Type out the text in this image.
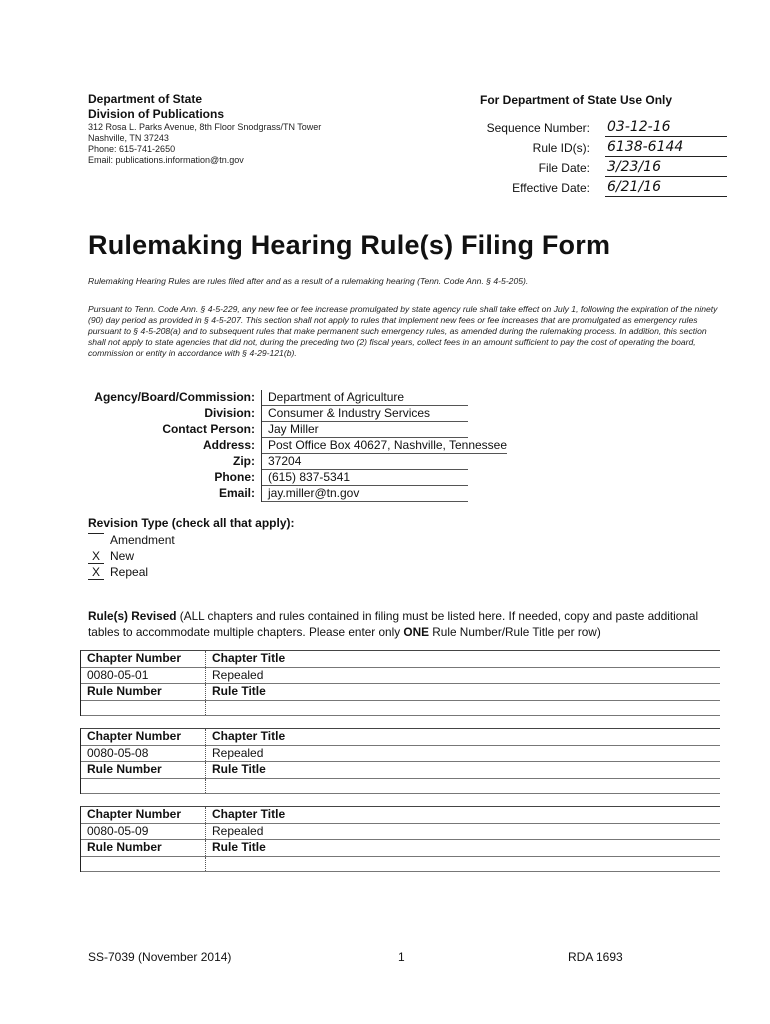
Department of State
Division of Publications
312 Rosa L. Parks Avenue, 8th Floor Snodgrass/TN Tower
Nashville, TN 37243
Phone: 615-741-2650
Email: publications.information@tn.gov
For Department of State Use Only
Sequence Number: 03-12-16
Rule ID(s): 6138-6144
File Date: 3/23/16
Effective Date: 6/21/16
Rulemaking Hearing Rule(s) Filing Form
Rulemaking Hearing Rules are rules filed after and as a result of a rulemaking hearing (Tenn. Code Ann. § 4-5-205).
Pursuant to Tenn. Code Ann. § 4-5-229, any new fee or fee increase promulgated by state agency rule shall take effect on July 1, following the expiration of the ninety (90) day period as provided in § 4-5-207. This section shall not apply to rules that implement new fees or fee increases that are promulgated as emergency rules pursuant to § 4-5-208(a) and to subsequent rules that make permanent such emergency rules, as amended during the rulemaking process. In addition, this section shall not apply to state agencies that did not, during the preceding two (2) fiscal years, collect fees in an amount sufficient to pay the cost of operating the board, commission or entity in accordance with § 4-29-121(b).
Agency/Board/Commission:	Department of Agriculture
Division:	Consumer & Industry Services
Contact Person:	Jay Miller
Address:	Post Office Box 40627, Nashville, Tennessee
Zip:	37204
Phone:	(615) 837-5341
Email:	jay.miller@tn.gov
Revision Type (check all that apply):
Amendment
X New
X Repeal
Rule(s) Revised (ALL chapters and rules contained in filing must be listed here. If needed, copy and paste additional tables to accommodate multiple chapters. Please enter only ONE Rule Number/Rule Title per row)
Chapter Number	Chapter Title
0080-05-01	Repealed
Rule Number	Rule Title
Chapter Number	Chapter Title
0080-05-08	Repealed
Rule Number	Rule Title
Chapter Number	Chapter Title
0080-05-09	Repealed
Rule Number	Rule Title
SS-7039 (November 2014)	1	RDA 1693
